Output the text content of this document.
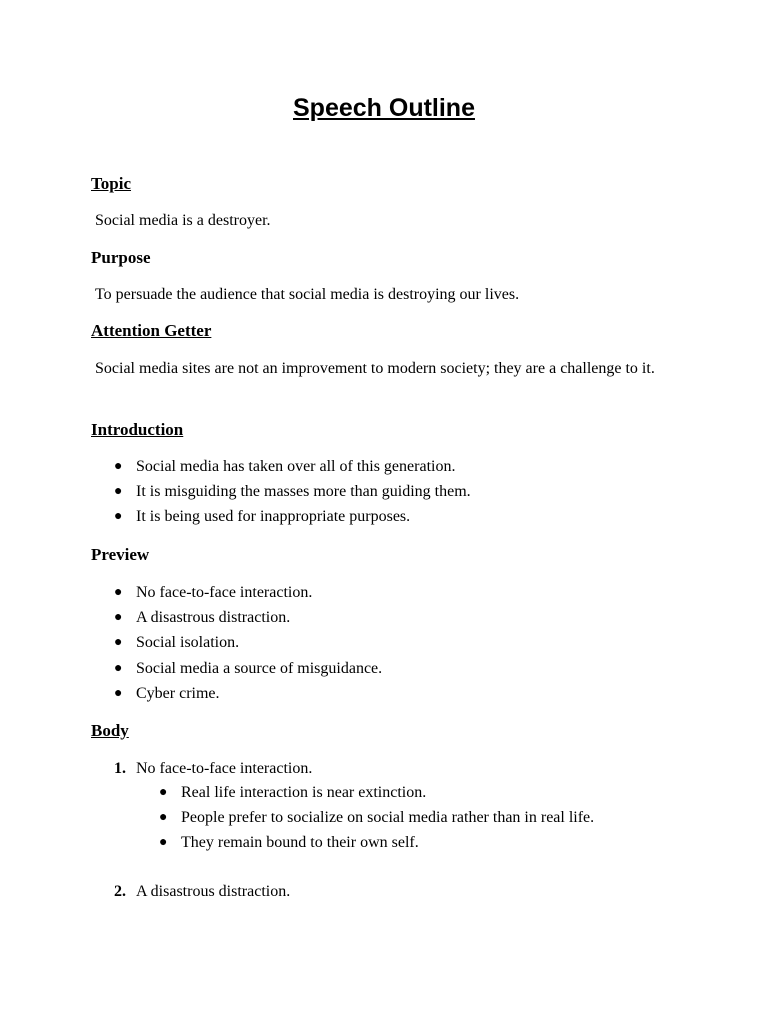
Speech Outline

Topic

Social media is a destroyer.

Purpose

To persuade the audience that social media is destroying our lives.

Attention Getter

Social media sites are not an improvement to modern society; they are a challenge to it.

Introduction

● Social media has taken over all of this generation.
● It is misguiding the masses more than guiding them.
● It is being used for inappropriate purposes.

Preview

● No face-to-face interaction.
● A disastrous distraction.
● Social isolation.
● Social media a source of misguidance.
● Cyber crime.

Body

1. No face-to-face interaction.

● Real life interaction is near extinction.
● People prefer to socialize on social media rather than in real life.
● They remain bound to their own self.

2. A disastrous distraction.
